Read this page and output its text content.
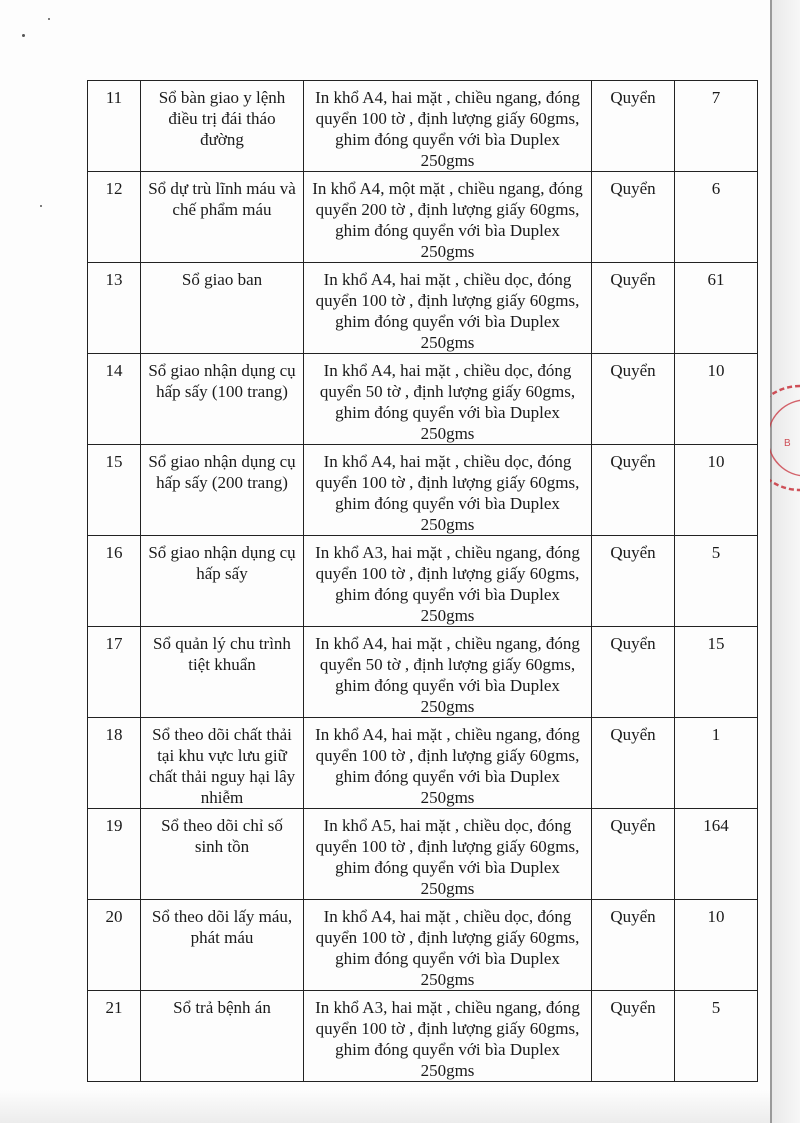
B
11	Sổ bàn giao y lệnh điều trị đái tháo đường	In khổ A4, hai mặt , chiều ngang, đóng quyển 100 tờ , định lượng giấy 60gms, ghim đóng quyển với bìa Duplex 250gms	Quyển	7
12	Sổ dự trù lĩnh máu và chế phẩm máu	In khổ A4, một mặt , chiều ngang, đóng quyển 200 tờ , định lượng giấy 60gms, ghim đóng quyển với bìa Duplex 250gms	Quyển	6
13	Sổ giao ban	In khổ A4, hai mặt , chiều dọc, đóng quyển 100 tờ , định lượng giấy 60gms, ghim đóng quyển với bìa Duplex 250gms	Quyển	61
14	Sổ giao nhận dụng cụ hấp sấy (100 trang)	In khổ A4, hai mặt , chiều dọc, đóng quyển 50 tờ , định lượng giấy 60gms, ghim đóng quyển với bìa Duplex 250gms	Quyển	10
15	Sổ giao nhận dụng cụ hấp sấy (200 trang)	In khổ A4, hai mặt , chiều dọc, đóng quyển 100 tờ , định lượng giấy 60gms, ghim đóng quyển với bìa Duplex 250gms	Quyển	10
16	Sổ giao nhận dụng cụ hấp sấy	In khổ A3, hai mặt , chiều ngang, đóng quyển 100 tờ , định lượng giấy 60gms, ghim đóng quyển với bìa Duplex 250gms	Quyển	5
17	Sổ quản lý chu trình tiệt khuẩn	In khổ A4, hai mặt , chiều ngang, đóng quyển 50 tờ , định lượng giấy 60gms, ghim đóng quyển với bìa Duplex 250gms	Quyển	15
18	Sổ theo dõi chất thải tại khu vực lưu giữ chất thải nguy hại lây nhiễm	In khổ A4, hai mặt , chiều ngang, đóng quyển 100 tờ , định lượng giấy 60gms, ghim đóng quyển với bìa Duplex 250gms	Quyển	1
19	Sổ theo dõi chỉ số sinh tồn	In khổ A5, hai mặt , chiều dọc, đóng quyển 100 tờ , định lượng giấy 60gms, ghim đóng quyển với bìa Duplex 250gms	Quyển	164
20	Sổ theo dõi lấy máu, phát máu	In khổ A4, hai mặt , chiều dọc, đóng quyển 100 tờ , định lượng giấy 60gms, ghim đóng quyển với bìa Duplex 250gms	Quyển	10
21	Sổ trả bệnh án	In khổ A3, hai mặt , chiều ngang, đóng quyển 100 tờ , định lượng giấy 60gms, ghim đóng quyển với bìa Duplex 250gms	Quyển	5
